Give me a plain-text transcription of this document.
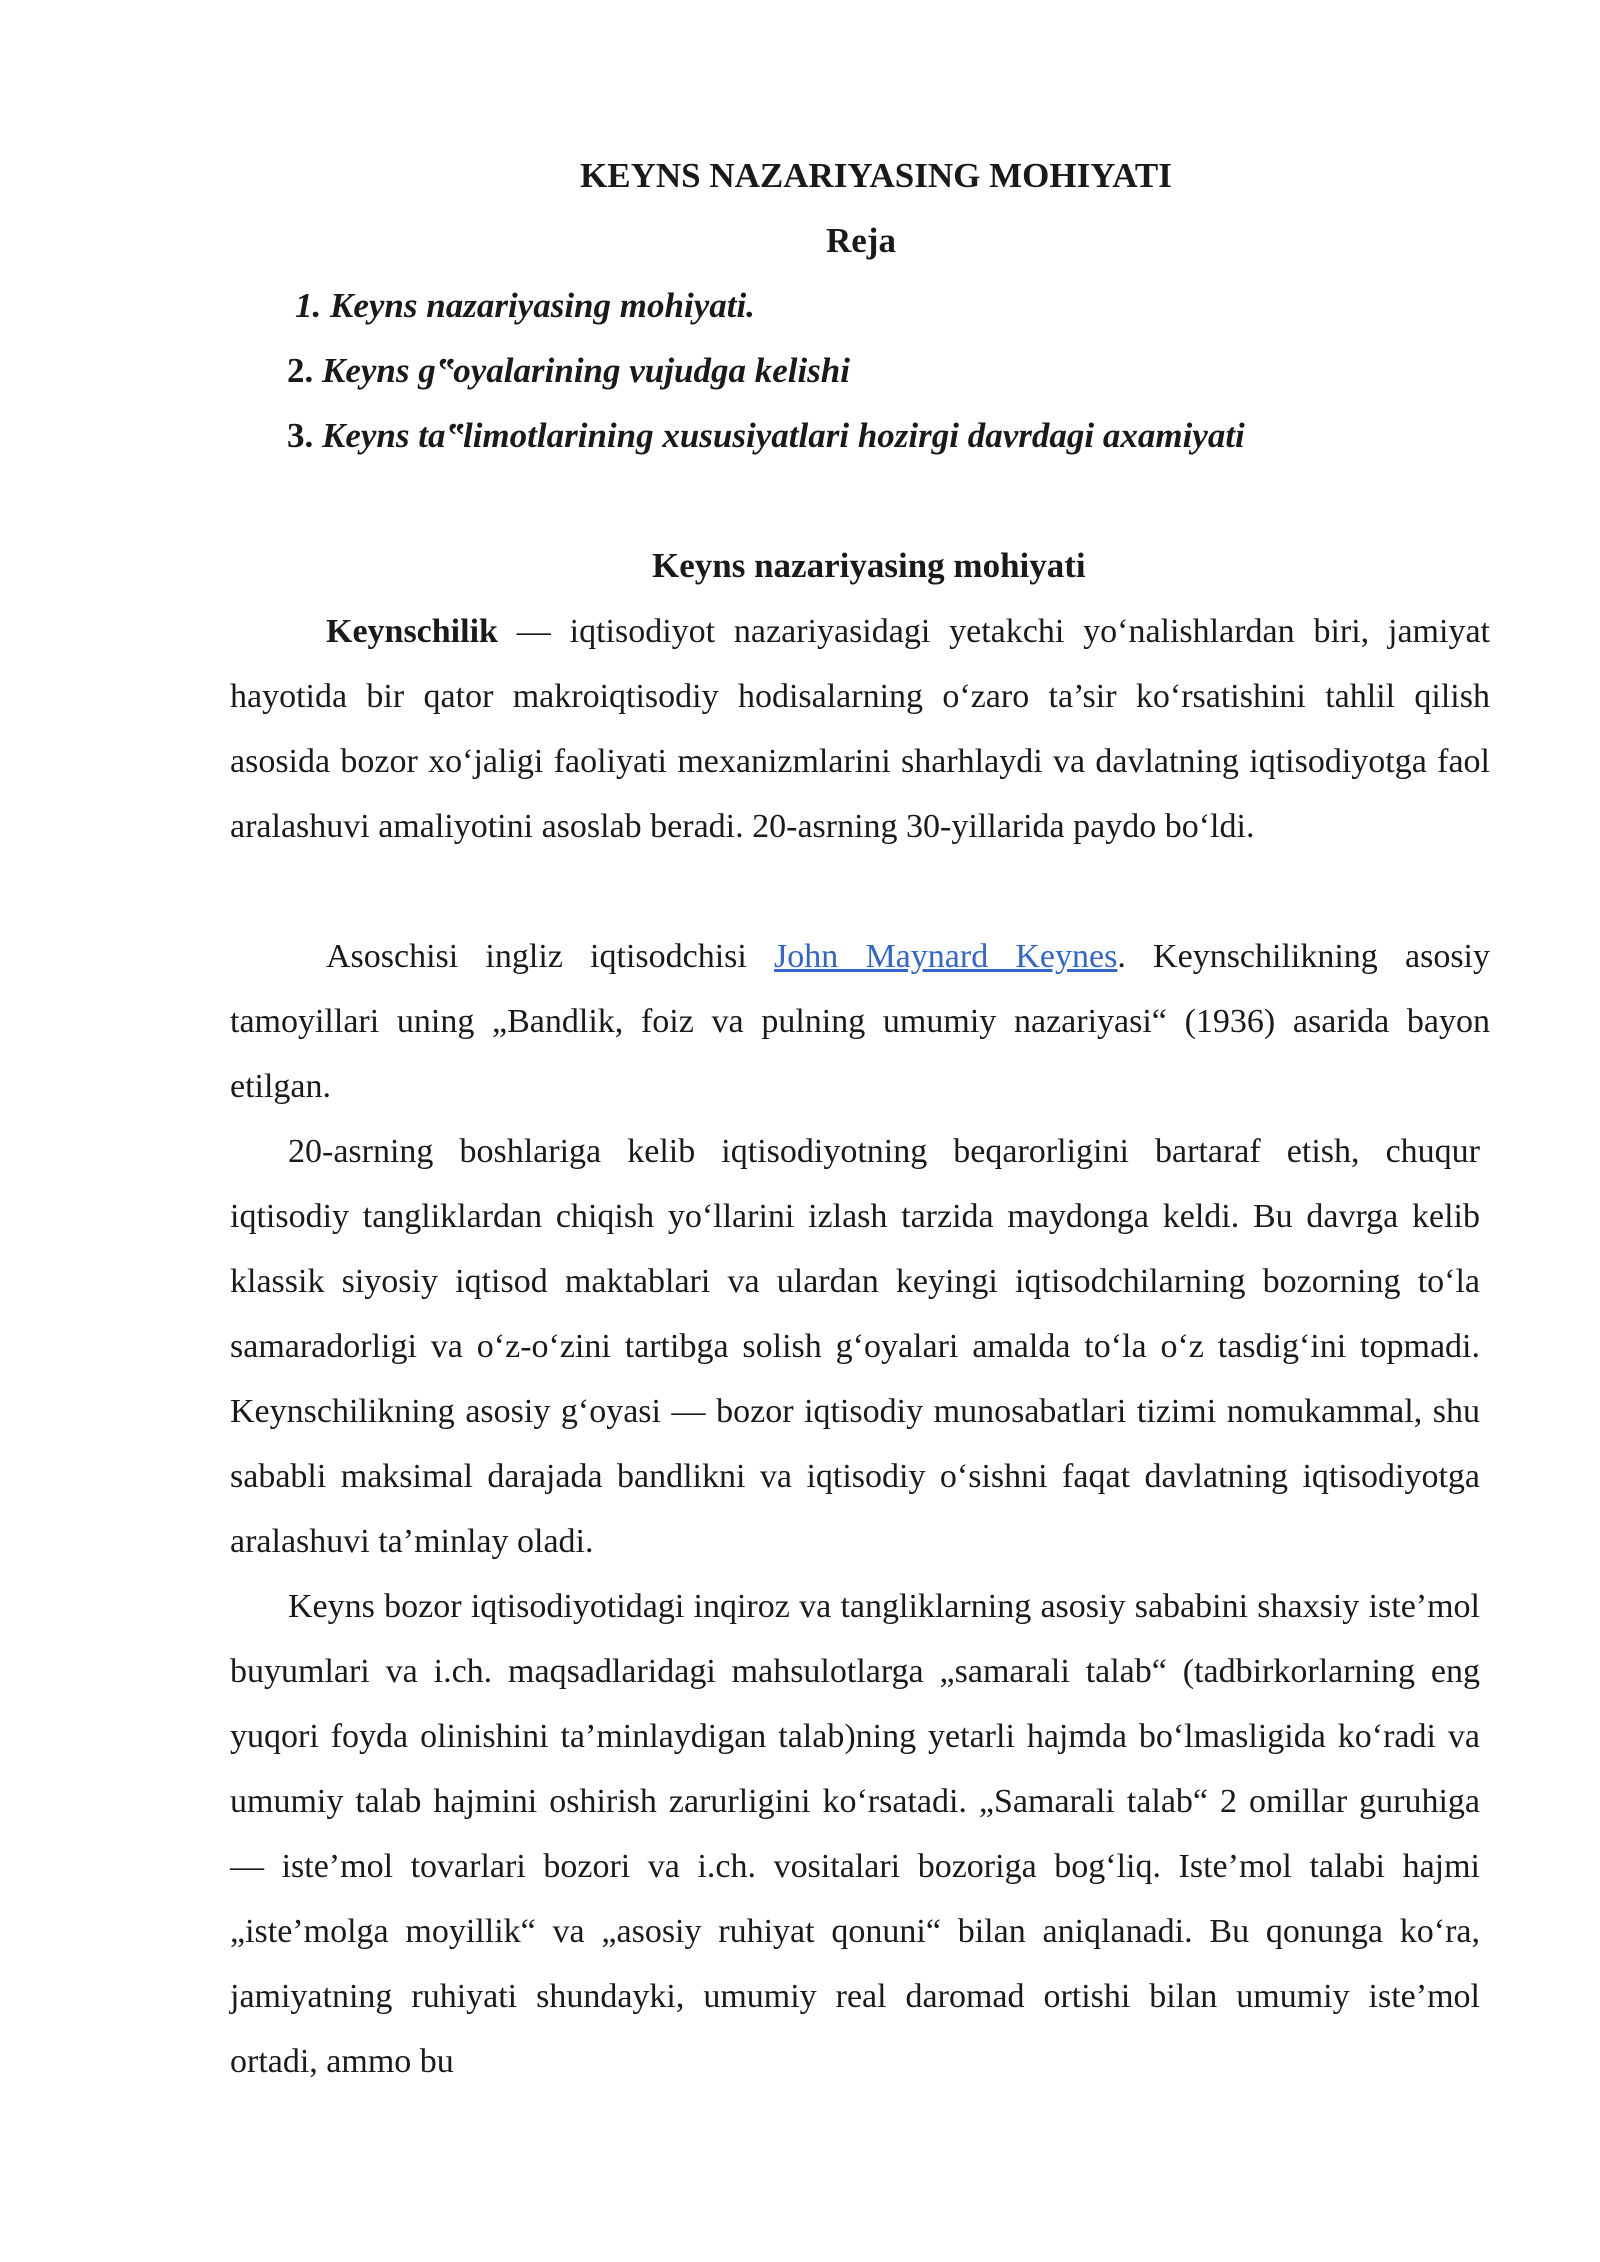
KEYNS NAZARIYASING MOHIYATI
Reja

1. Keyns nazariyasing mohiyati.

2. Keyns g‟oyalarining vujudga kelishi

3. Keyns ta‟limotlarining xususiyatlari hozirgi davrdagi axamiyati

Keyns nazariyasing mohiyati

Keynschilik — iqtisodiyot nazariyasidagi yetakchi yo‘nalishlardan biri, jamiyat hayotida bir qator makroiqtisodiy hodisalarning o‘zaro ta’sir ko‘rsatishini tahlil qilish asosida bozor xo‘jaligi faoliyati mexanizmlarini sharhlaydi va davlatning iqtisodiyotga faol aralashuvi amaliyotini asoslab beradi. 20-asrning 30-yillarida paydo bo‘ldi.

Asoschisi ingliz iqtisodchisi John Maynard Keynes. Keynschilikning asosiy tamoyillari uning „Bandlik, foiz va pulning umumiy nazariyasi“ (1936) asarida bayon etilgan.

20-asrning boshlariga kelib iqtisodiyotning beqarorligini bartaraf etish, chuqur iqtisodiy tangliklardan chiqish yo‘llarini izlash tarzida maydonga keldi. Bu davrga kelib klassik siyosiy iqtisod maktablari va ulardan keyingi iqtisodchilarning bozorning to‘la samaradorligi va o‘z-o‘zini tartibga solish g‘oyalari amalda to‘la o‘z tasdig‘ini topmadi. Keynschilikning asosiy g‘oyasi — bozor iqtisodiy munosabatlari tizimi nomukammal, shu sababli maksimal darajada bandlikni va iqtisodiy o‘sishni faqat davlatning iqtisodiyotga aralashuvi ta’minlay oladi.

Keyns bozor iqtisodiyotidagi inqiroz va tangliklarning asosiy sababini shaxsiy iste’mol buyumlari va i.ch. maqsadlaridagi mahsulotlarga „samarali talab“ (tadbirkorlarning eng yuqori foyda olinishini ta’minlaydigan talab)ning yetarli hajmda bo‘lmasligida ko‘radi va umumiy talab hajmini oshirish zarurligini ko‘rsatadi. „Samarali talab“ 2 omillar guruhiga — iste’mol tovarlari bozori va i.ch. vositalari bozoriga bog‘liq. Iste’mol talabi hajmi „iste’molga moyillik“ va „asosiy ruhiyat qonuni“ bilan aniqlanadi. Bu qonunga ko‘ra, jamiyatning ruhiyati shundayki, umumiy real daromad ortishi bilan umumiy iste’mol ortadi, ammo bu
